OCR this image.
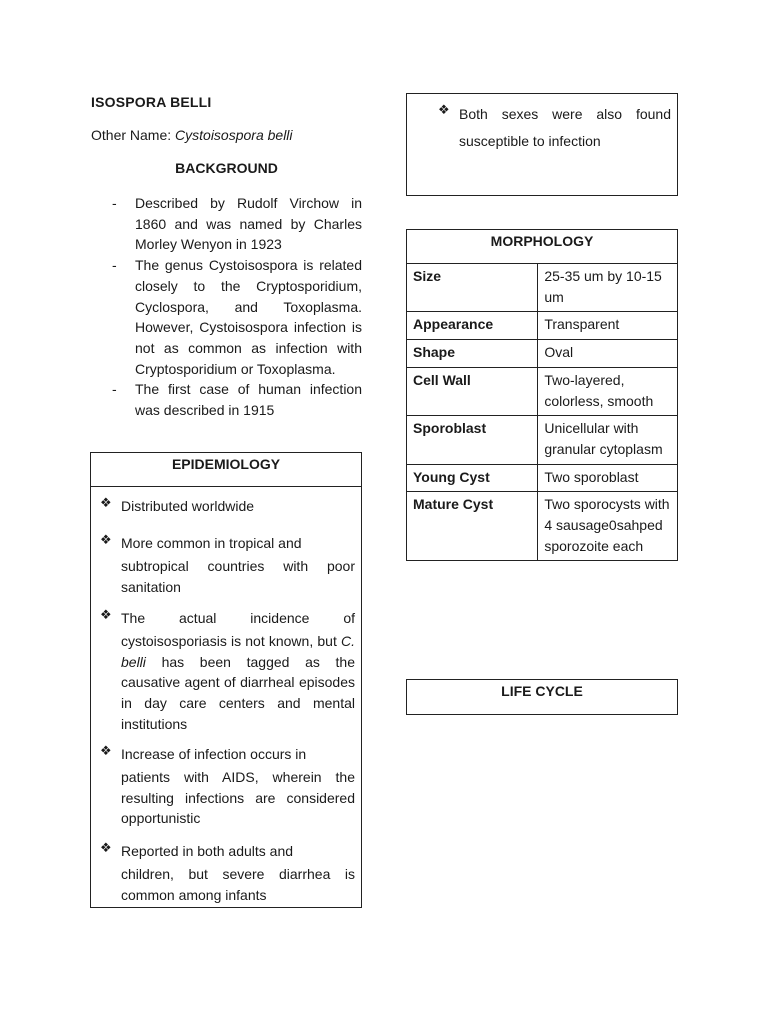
ISOSPORA BELLI
Other Name: Cystoisospora belli
BACKGROUND
- Described by Rudolf Virchow in 1860 and was named by Charles Morley Wenyon in 1923
- The genus Cystoisospora is related closely to the Cryptosporidium, Cyclospora, and Toxoplasma. However, Cystoisospora infection is not as common as infection with Cryptosporidium or Toxoplasma.
- The first case of human infection was described in 1915
EPIDEMIOLOGY
❖ Distributed worldwide
❖ More common in tropical and
subtropical countries with poor sanitation
❖ The actual incidence of
cystoisosporiasis is not known, but C. belli has been tagged as the causative agent of diarrheal episodes in day care centers and mental institutions
❖ Increase of infection occurs in
patients with AIDS, wherein the resulting infections are considered opportunistic
❖ Reported in both adults and
children, but severe diarrhea is common among infants
❖ Both sexes were also found susceptible to infection
MORPHOLOGY	
Size	25-35 um by 10-15 um
Appearance	Transparent
Shape	Oval
Cell Wall	Two-layered, colorless, smooth
Sporoblast	Unicellular with granular cytoplasm
Young Cyst	Two sporoblast
Mature Cyst	Two sporocysts with 4 sausage0sahped sporozoite each
LIFE CYCLE
